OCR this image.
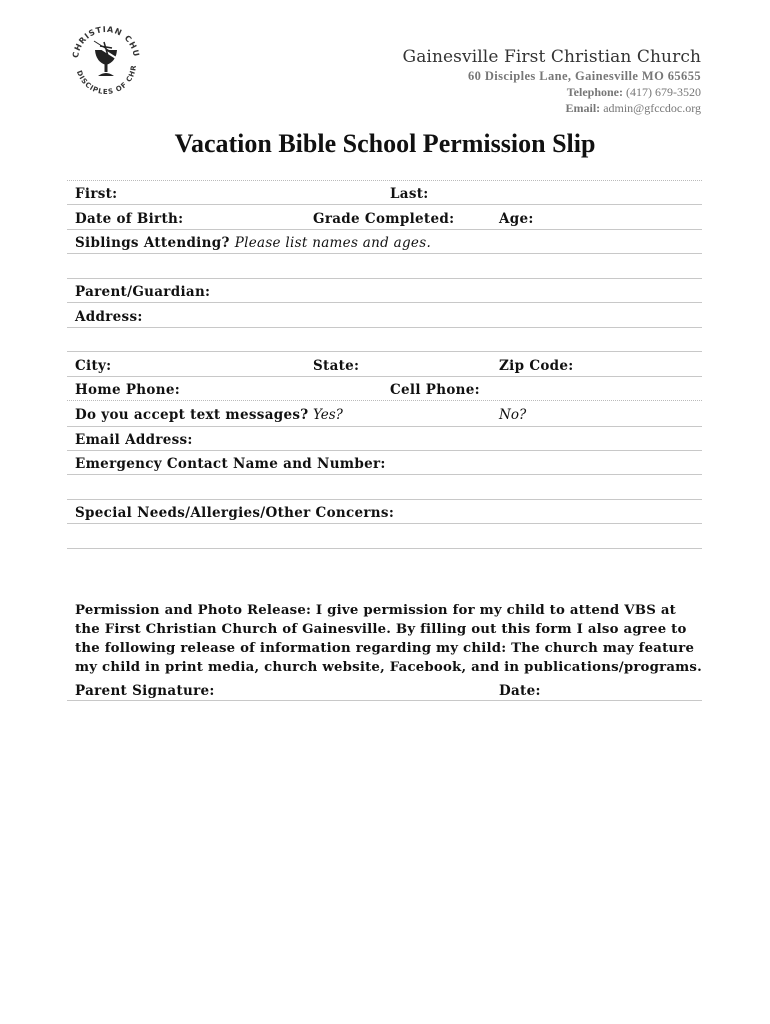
CHRISTIAN CHU
DISCIPLES OF CHR
Gainesville First Christian Church
60 Disciples Lane, Gainesville MO 65655
Telephone: (417) 679-3520
Email: admin@gfccdoc.org
Vacation Bible School Permission Slip
First:	Last:
Date of Birth:	Grade Completed:	Age:
Siblings Attending? Please list names and ages.
Parent/Guardian:
Address:
City:	State:	Zip Code:
Home Phone:	Cell Phone:
Do you accept text messages? Yes?	No?
Email Address:
Emergency Contact Name and Number:
Special Needs/Allergies/Other Concerns:
Permission and Photo Release: I give permission for my child to attend VBS at the First Christian Church of Gainesville. By filling out this form I also agree to the following release of information regarding my child: The church may feature my child in print media, church website, Facebook, and in publications/programs.
Parent Signature:	Date:
